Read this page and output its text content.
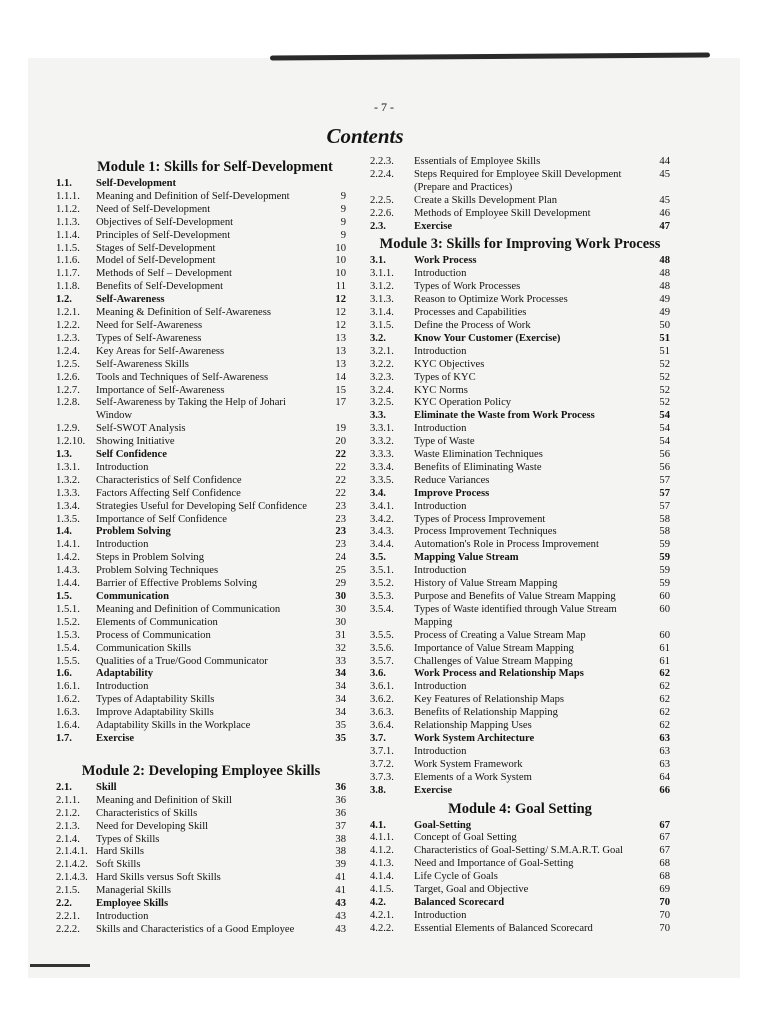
- 7 -
Contents
Module 1: Skills for Self-Development
1.1.	Self-Development
1.1.1.	Meaning and Definition of Self-Development	9
1.1.2.	Need of Self-Development	9
1.1.3.	Objectives of Self-Development	9
1.1.4.	Principles of Self-Development	9
1.1.5.	Stages of Self-Development	10
1.1.6.	Model of Self-Development	10
1.1.7.	Methods of Self – Development	10
1.1.8.	Benefits of Self-Development	11
1.2.	Self-Awareness	12
1.2.1.	Meaning & Definition of Self-Awareness	12
1.2.2.	Need for Self-Awareness	12
1.2.3.	Types of Self-Awareness	13
1.2.4.	Key Areas for Self-Awareness	13
1.2.5.	Self-Awareness Skills	13
1.2.6.	Tools and Techniques of Self-Awareness	14
1.2.7.	Importance of Self-Awareness	15
1.2.8.	Self-Awareness by Taking the Help of Johari Window
17
1.2.9.	Self-SWOT Analysis	19
1.2.10.	Showing Initiative	20
1.3.	Self Confidence	22
1.3.1.	Introduction	22
1.3.2.	Characteristics of Self Confidence	22
1.3.3.	Factors Affecting Self Confidence	22
1.3.4.	Strategies Useful for Developing Self Confidence	23
1.3.5.	Importance of Self Confidence	23
1.4.	Problem Solving	23
1.4.1.	Introduction	23
1.4.2.	Steps in Problem Solving	24
1.4.3.	Problem Solving Techniques	25
1.4.4.	Barrier of Effective Problems Solving	29
1.5.	Communication	30
1.5.1.	Meaning and Definition of Communication	30
1.5.2.	Elements of Communication	30
1.5.3.	Process of Communication	31
1.5.4.	Communication Skills	32
1.5.5.	Qualities of a True/Good Communicator	33
1.6.	Adaptability	34
1.6.1.	Introduction	34
1.6.2.	Types of Adaptability Skills	34
1.6.3.	Improve Adaptability Skills	34
1.6.4.	Adaptability Skills in the Workplace	35
1.7.	Exercise	35
Module 2: Developing Employee Skills
2.1.	Skill	36
2.1.1.	Meaning and Definition of Skill	36
2.1.2.	Characteristics of Skills	36
2.1.3.	Need for Developing Skill	37
2.1.4.	Types of Skills	38
2.1.4.1. Hard Skills	38
2.1.4.2. Soft Skills	39
2.1.4.3. Hard Skills versus Soft Skills	41
2.1.5.	Managerial Skills	41
2.2.	Employee Skills	43
2.2.1.	Introduction	43
2.2.2.	Skills and Characteristics of a Good Employee	43
2.2.3.	Essentials of Employee Skills	44
2.2.4.	Steps Required for Employee Skill Development (Prepare and Practices)
45
2.2.5.	Create a Skills Development Plan	45
2.2.6.	Methods of Employee Skill Development	46
2.3.	Exercise	47
Module 3: Skills for Improving Work Process
3.1.	Work Process	48
3.1.1.	Introduction	48
3.1.2.	Types of Work Processes	48
3.1.3.	Reason to Optimize Work Processes	49
3.1.4.	Processes and Capabilities	49
3.1.5.	Define the Process of Work	50
3.2.	Know Your Customer (Exercise)	51
3.2.1.	Introduction	51
3.2.2.	KYC Objectives	52
3.2.3.	Types of KYC	52
3.2.4.	KYC Norms	52
3.2.5.	KYC Operation Policy	52
3.3.	Eliminate the Waste from Work Process	54
3.3.1.	Introduction	54
3.3.2.	Type of Waste	54
3.3.3.	Waste Elimination Techniques	56
3.3.4.	Benefits of Eliminating Waste	56
3.3.5.	Reduce Variances	57
3.4.	Improve Process	57
3.4.1.	Introduction	57
3.4.2.	Types of Process Improvement	58
3.4.3.	Process Improvement Techniques	58
3.4.4.	Automation's Role in Process Improvement	59
3.5.	Mapping Value Stream	59
3.5.1.	Introduction	59
3.5.2.	History of Value Stream Mapping	59
3.5.3.	Purpose and Benefits of Value Stream Mapping	60
3.5.4.	Types of Waste identified through Value Stream Mapping
60
3.5.5.	Process of Creating a Value Stream Map	60
3.5.6.	Importance of Value Stream Mapping	61
3.5.7.	Challenges of Value Stream Mapping	61
3.6.	Work Process and Relationship Maps	62
3.6.1.	Introduction	62
3.6.2.	Key Features of Relationship Maps	62
3.6.3.	Benefits of Relationship Mapping	62
3.6.4.	Relationship Mapping Uses	62
3.7.	Work System Architecture	63
3.7.1.	Introduction	63
3.7.2.	Work System Framework	63
3.7.3.	Elements of a Work System	64
3.8.	Exercise	66
Module 4: Goal Setting
4.1.	Goal-Setting	67
4.1.1.	Concept of Goal Setting	67
4.1.2.	Characteristics of Goal-Setting/ S.M.A.R.T. Goal	67
4.1.3.	Need and Importance of Goal-Setting	68
4.1.4.	Life Cycle of Goals	68
4.1.5.	Target, Goal and Objective	69
4.2.	Balanced Scorecard	70
4.2.1.	Introduction	70
4.2.2.	Essential Elements of Balanced Scorecard	70
